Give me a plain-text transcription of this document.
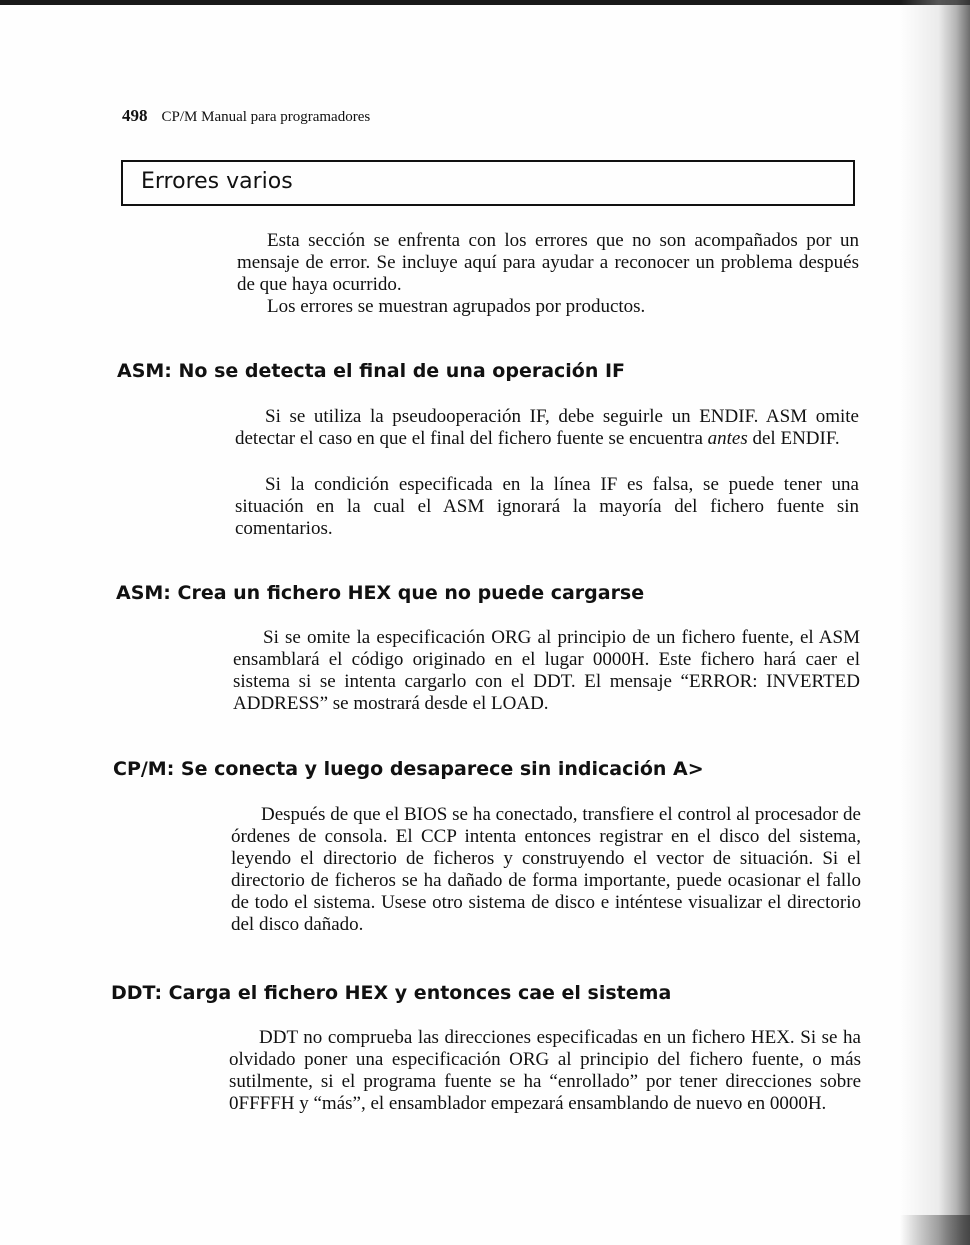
498 CP/M Manual para programadores
Errores varios

Esta sección se enfrenta con los errores que no son acompañados por un mensaje de error. Se incluye aquí para ayudar a reconocer un problema después de que haya ocurrido.

Los errores se muestran agrupados por productos.

ASM: No se detecta el final de una operación IF

Si se utiliza la pseudooperación IF, debe seguirle un ENDIF. ASM omite detectar el caso en que el final del fichero fuente se encuentra antes del ENDIF.

Si la condición especificada en la línea IF es falsa, se puede tener una situación en la cual el ASM ignorará la mayoría del fichero fuente sin comentarios.

ASM: Crea un fichero HEX que no puede cargarse

Si se omite la especificación ORG al principio de un fichero fuente, el ASM ensamblará el código originado en el lugar 0000H. Este fichero hará caer el sistema si se intenta cargarlo con el DDT. El mensaje “ERROR: INVERTED ADDRESS” se mostrará desde el LOAD.

CP/M: Se conecta y luego desaparece sin indicación A>

Después de que el BIOS se ha conectado, transfiere el control al procesador de órdenes de consola. El CCP intenta entonces registrar en el disco del sistema, leyendo el directorio de ficheros y construyendo el vector de situación. Si el directorio de ficheros se ha dañado de forma importante, puede ocasionar el fallo de todo el sistema. Usese otro sistema de disco e inténtese visualizar el directorio del disco dañado.

DDT: Carga el fichero HEX y entonces cae el sistema

DDT no comprueba las direcciones especificadas en un fichero HEX. Si se ha olvidado poner una especificación ORG al principio del fichero fuente, o más sutilmente, si el programa fuente se ha “enrollado” por tener direcciones sobre 0FFFFH y “más”, el ensamblador empezará ensamblando de nuevo en 0000H.
